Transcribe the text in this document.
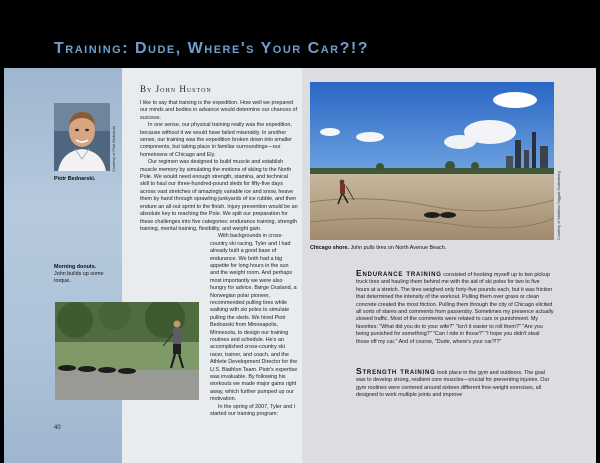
Training: Dude, Where's Your Car?!?
By John Huston
Courtesy of Piotr Bednarski
Piotr Bednarski.
Morning donuts.
John builds up some torque.

I like to say that training is the expedition. How well we prepared our minds and bodies in advance would determine our chances of success.

In one sense, our physical training really was the expedition, because without it we would have failed miserably. In another sense, our training was the expedition broken down into smaller components, but taking place in familiar surroundings—our hometowns of Chicago and Ely.

Our regimen was designed to build muscle and establish muscle memory by simulating the motions of skiing to the North Pole. We would need enough strength, stamina, and technical skill to haul our three-hundred-pound sleds for fifty-five days across vast stretches of amazingly variable ice and snow, heave them by hand through sprawling junkyards of ice rubble, and then endure an all-out sprint to the finish. Injury prevention would be an absolute key to reaching the Pole. We split our preparation for these challenges into five categories: endurance training, strength training, mental training, flexibility, and weight gain.

With backgrounds in cross-country ski racing, Tyler and I had already built a good base of endurance. We both had a big appetite for long hours in the sun and the weight room. And perhaps most importantly we were also hungry for advice. Børge Ousland, a Norwegian polar pioneer, recommended pulling tires while walking with ski poles to simulate pulling the sleds. We hired Piotr Bednarski from Minneapolis, Minnesota, to design our training routines and schedule. He's an accomplished cross-country ski racer, trainer, and coach, and the Athlete Development Director for the U.S. Biathlon Team. Piotr's expertise was invaluable. By following his workouts we made major gains right away, which further pumped up our motivation.

In the spring of 2007, Tyler and I started our training program:

Courtesy of Matthew Taggart-Guttenberg
Chicago shore. John pulls tires on North Avenue Beach.
Endurance training consisted of hooking myself up to two pickup truck tires and hauling them behind me with the aid of ski poles for two to five hours at a stretch. The tires weighed only forty-five pounds each, but it was friction that determined the intensity of the workout. Pulling them over grass or clean concrete created the most friction. Pulling them through the city of Chicago elicited all sorts of stares and comments from passersby. Sometimes my presence actually slowed traffic. Most of the comments were related to cars or punishment. My favorites: "What did you do to your wife?" "Isn't it easier to roll them?" "Are you being punished for something?" "Can I ride in those?" "I hope you didn't steal those off my car." And of course, "Dude, where's your car?!?"
Strength training took place in the gym and outdoors. The goal was to develop strong, resilient core muscles—crucial for preventing injuries. Our gym routines were centered around sixteen different free-weight exercises, all designed to work multiple joints and improve
40
